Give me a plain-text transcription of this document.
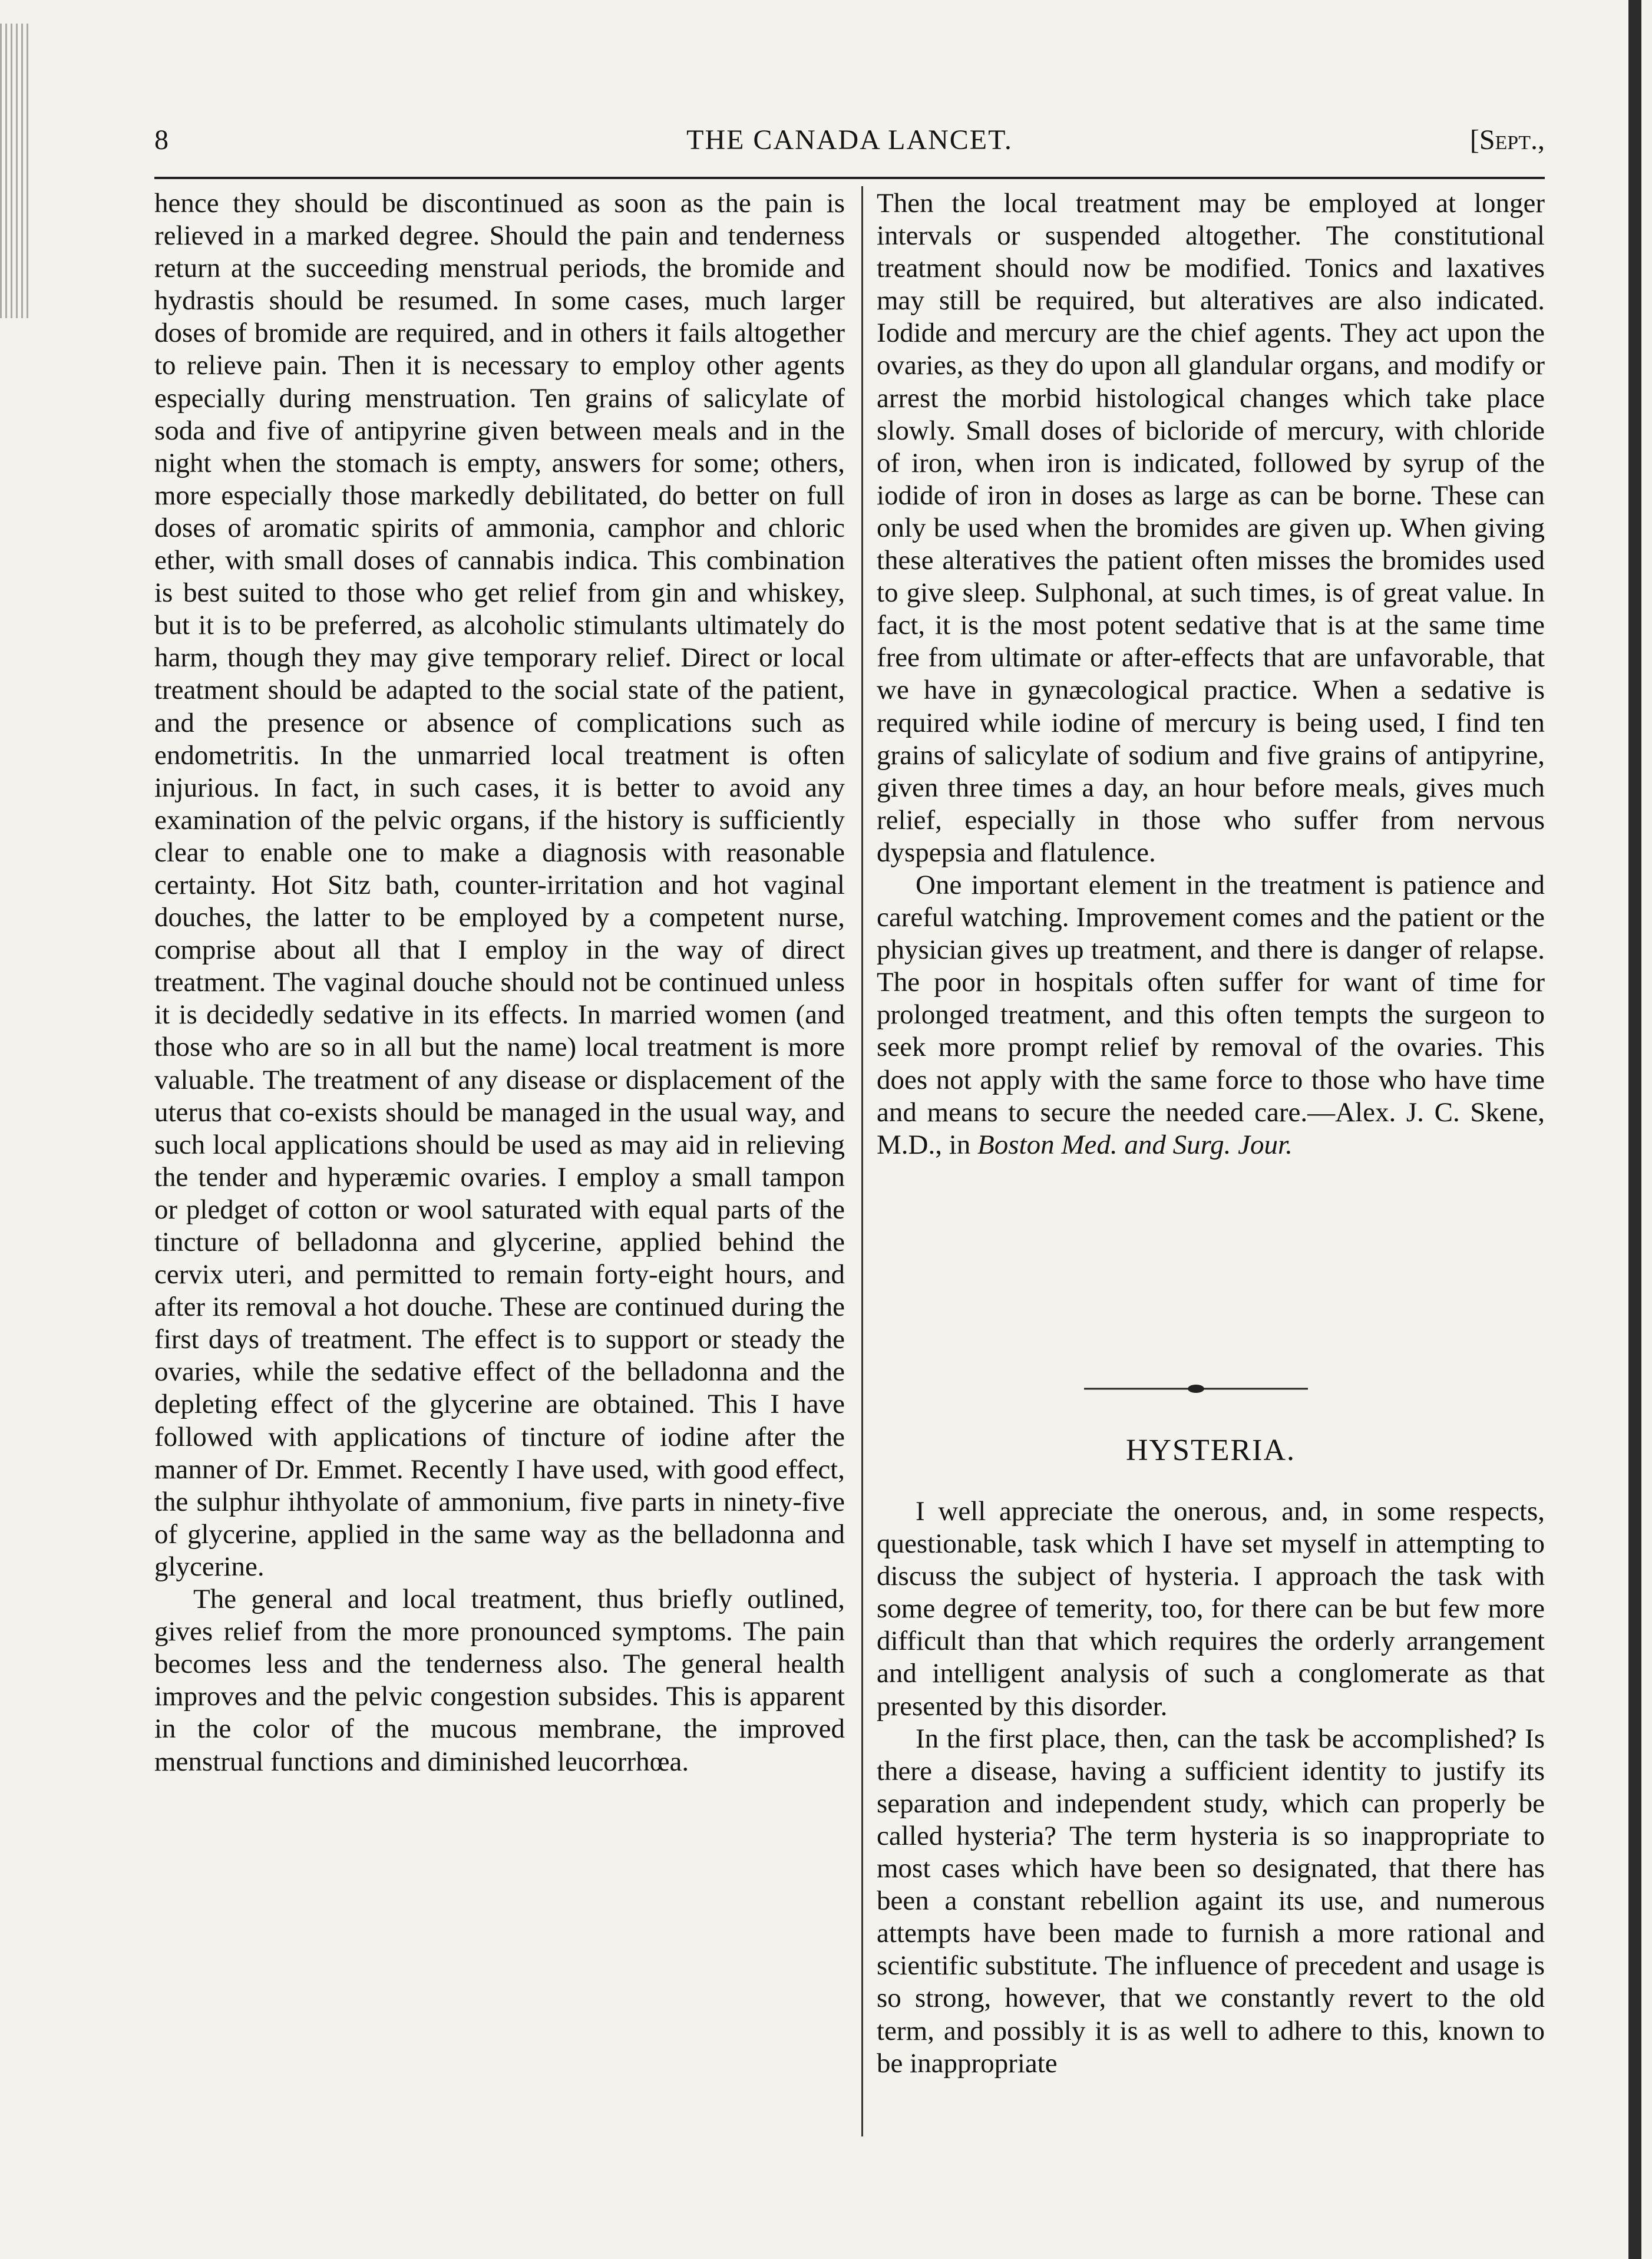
8	THE CANADA LANCET.	[Sept.,

hence they should be discontinued as soon as the pain is relieved in a marked degree. Should the pain and tenderness return at the succeeding menstrual periods, the bromide and hydrastis should be resumed. In some cases, much larger doses of bromide are required, and in others it fails altogether to relieve pain. Then it is necessary to employ other agents especially during menstruation. Ten grains of salicylate of soda and five of antipyrine given between meals and in the night when the stomach is empty, answers for some; others, more especially those markedly debilitated, do better on full doses of aromatic spirits of ammonia, camphor and chloric ether, with small doses of cannabis indica. This combination is best suited to those who get relief from gin and whiskey, but it is to be preferred, as alcoholic stimulants ultimately do harm, though they may give temporary relief. Direct or local treatment should be adapted to the social state of the patient, and the presence or absence of complications such as endometritis. In the unmarried local treatment is often injurious. In fact, in such cases, it is better to avoid any examination of the pelvic organs, if the history is sufficiently clear to enable one to make a diagnosis with reasonable certainty. Hot Sitz bath, counter-irritation and hot vaginal douches, the latter to be employed by a competent nurse, comprise about all that I employ in the way of direct treatment. The vaginal douche should not be continued unless it is decidedly sedative in its effects. In married women (and those who are so in all but the name) local treatment is more valuable. The treatment of any disease or displacement of the uterus that co-exists should be managed in the usual way, and such local applications should be used as may aid in relieving the tender and hyperæmic ovaries. I employ a small tampon or pledget of cotton or wool saturated with equal parts of the tincture of belladonna and glycerine, applied behind the cervix uteri, and permitted to remain forty-eight hours, and after its removal a hot douche. These are continued during the first days of treatment. The effect is to support or steady the ovaries, while the sedative effect of the belladonna and the depleting effect of the glycerine are obtained. This I have followed with applications of tincture of iodine after the manner of Dr. Emmet. Recently I have used, with good effect, the sulphur ihthyolate of ammonium, five parts in ninety-five of glycerine, applied in the same way as the belladonna and glycerine.

The general and local treatment, thus briefly outlined, gives relief from the more pronounced symptoms. The pain becomes less and the tenderness also. The general health improves and the pelvic congestion subsides. This is apparent in the color of the mucous membrane, the improved menstrual functions and diminished leucorrhœa.

Then the local treatment may be employed at longer intervals or suspended altogether. The constitutional treatment should now be modified. Tonics and laxatives may still be required, but alteratives are also indicated. Iodide and mercury are the chief agents. They act upon the ovaries, as they do upon all glandular organs, and modify or arrest the morbid histological changes which take place slowly. Small doses of bicloride of mercury, with chloride of iron, when iron is indicated, followed by syrup of the iodide of iron in doses as large as can be borne. These can only be used when the bromides are given up. When giving these alteratives the patient often misses the bromides used to give sleep. Sulphonal, at such times, is of great value. In fact, it is the most potent sedative that is at the same time free from ultimate or after-effects that are unfavorable, that we have in gynæcological practice. When a sedative is required while iodine of mercury is being used, I find ten grains of salicylate of sodium and five grains of antipyrine, given three times a day, an hour before meals, gives much relief, especially in those who suffer from nervous dyspepsia and flatulence.

One important element in the treatment is patience and careful watching. Improvement comes and the patient or the physician gives up treatment, and there is danger of relapse. The poor in hospitals often suffer for want of time for prolonged treatment, and this often tempts the surgeon to seek more prompt relief by removal of the ovaries. This does not apply with the same force to those who have time and means to secure the needed care.—Alex. J. C. Skene, M.D., in Boston Med. and Surg. Jour.

HYSTERIA.

I well appreciate the onerous, and, in some respects, questionable, task which I have set myself in attempting to discuss the subject of hysteria. I approach the task with some degree of temerity, too, for there can be but few more difficult than that which requires the orderly arrangement and intelligent analysis of such a conglomerate as that presented by this disorder.

In the first place, then, can the task be accomplished? Is there a disease, having a sufficient identity to justify its separation and independent study, which can properly be called hysteria? The term hysteria is so inappropriate to most cases which have been so designated, that there has been a constant rebellion againt its use, and numerous attempts have been made to furnish a more rational and scientific substitute. The influence of precedent and usage is so strong, however, that we constantly revert to the old term, and possibly it is as well to adhere to this, known to be inappropriate
